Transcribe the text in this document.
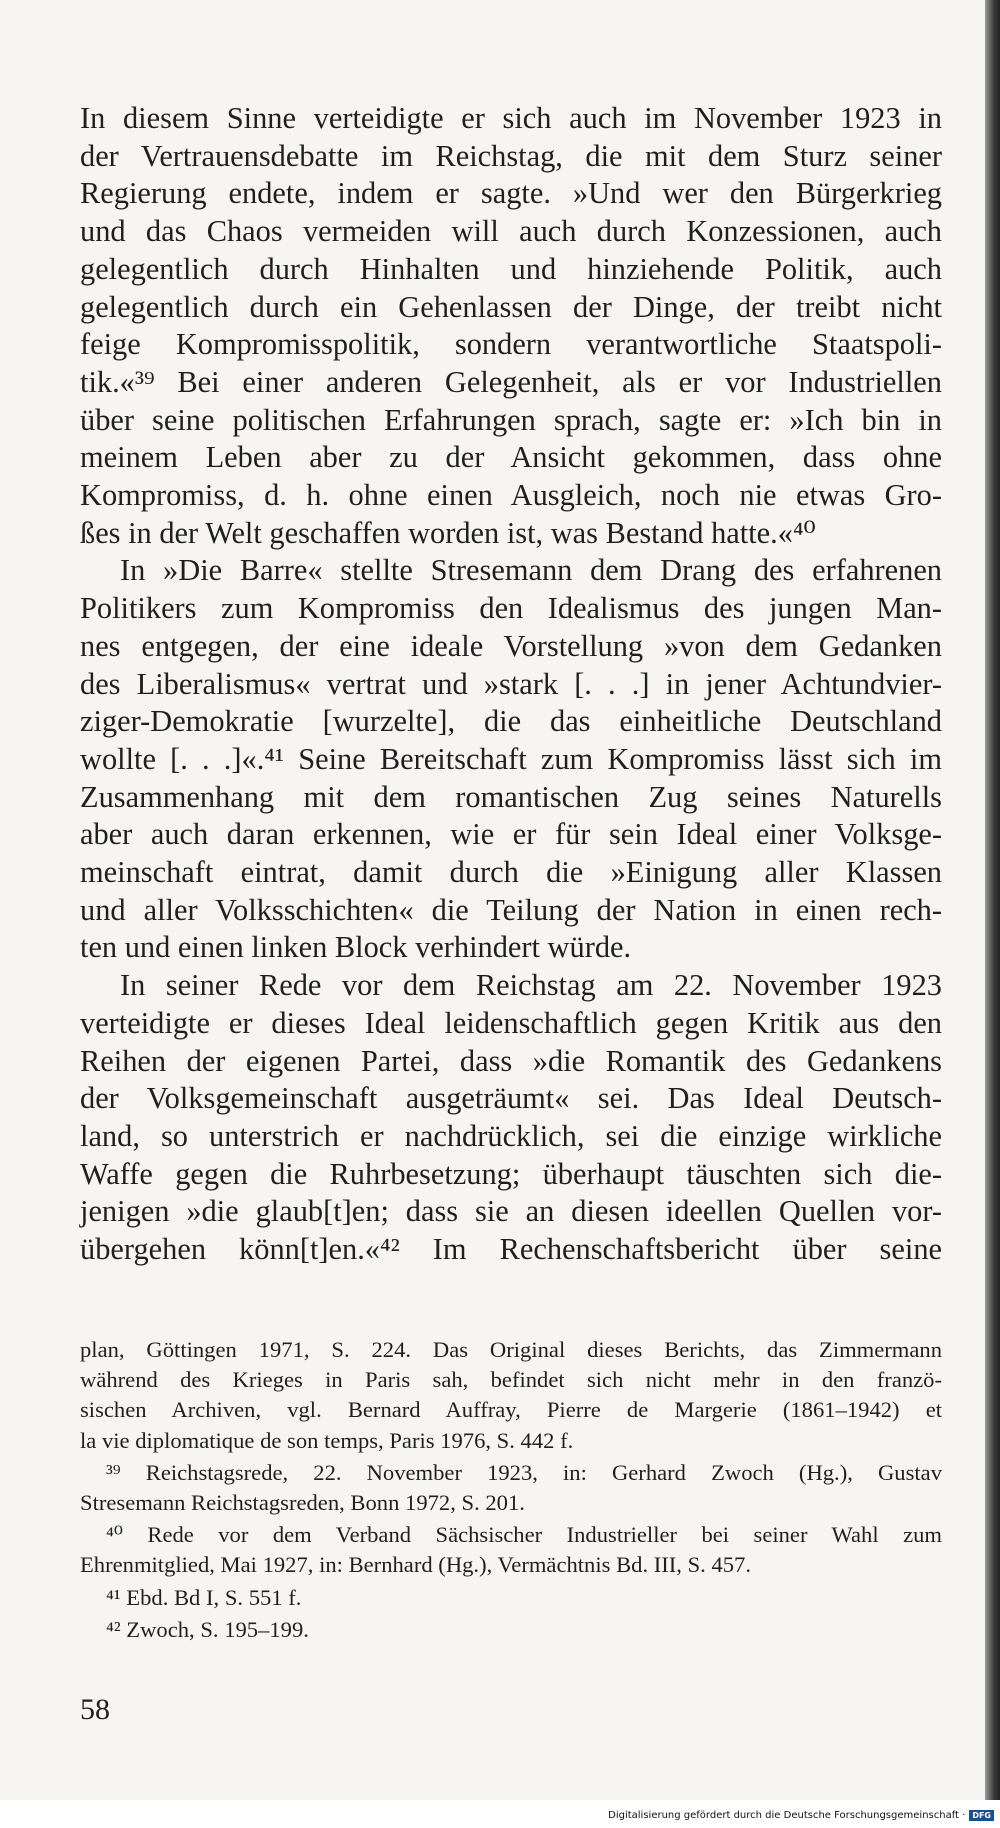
In diesem Sinne verteidigte er sich auch im November 1923 in
der Vertrauensdebatte im Reichstag, die mit dem Sturz seiner
Regierung endete, indem er sagte. »Und wer den Bürgerkrieg
und das Chaos vermeiden will auch durch Konzessionen, auch
gelegentlich durch Hinhalten und hinziehende Politik, auch
gelegentlich durch ein Gehenlassen der Dinge, der treibt nicht
feige Kompromisspolitik, sondern verantwortliche Staatspoli-
tik.«³⁹ Bei einer anderen Gelegenheit, als er vor Industriellen
über seine politischen Erfahrungen sprach, sagte er: »Ich bin in
meinem Leben aber zu der Ansicht gekommen, dass ohne
Kompromiss, d. h. ohne einen Ausgleich, noch nie etwas Gro-
ßes in der Welt geschaffen worden ist, was Bestand hatte.«⁴⁰

In »Die Barre« stellte Stresemann dem Drang des erfahrenen
Politikers zum Kompromiss den Idealismus des jungen Man-
nes entgegen, der eine ideale Vorstellung »von dem Gedanken
des Liberalismus« vertrat und »stark [. . .] in jener Achtundvier-
ziger-Demokratie [wurzelte], die das einheitliche Deutschland
wollte [. . .]«.⁴¹ Seine Bereitschaft zum Kompromiss lässt sich im
Zusammenhang mit dem romantischen Zug seines Naturells
aber auch daran erkennen, wie er für sein Ideal einer Volksge-
meinschaft eintrat, damit durch die »Einigung aller Klassen
und aller Volksschichten« die Teilung der Nation in einen rech-
ten und einen linken Block verhindert würde.

In seiner Rede vor dem Reichstag am 22. November 1923
verteidigte er dieses Ideal leidenschaftlich gegen Kritik aus den
Reihen der eigenen Partei, dass »die Romantik des Gedankens
der Volksgemeinschaft ausgeträumt« sei. Das Ideal Deutsch-
land, so unterstrich er nachdrücklich, sei die einzige wirkliche
Waffe gegen die Ruhrbesetzung; überhaupt täuschten sich die-
jenigen »die glaub[t]en; dass sie an diesen ideellen Quellen vor-
übergehen könn[t]en.«⁴² Im Rechenschaftsbericht über seine

plan, Göttingen 1971, S. 224. Das Original dieses Berichts, das Zimmermann
während des Krieges in Paris sah, befindet sich nicht mehr in den franzö-
sischen Archiven, vgl. Bernard Auffray, Pierre de Margerie (1861–1942) et
la vie diplomatique de son temps, Paris 1976, S. 442 f.
³⁹ Reichstagsrede, 22. November 1923, in: Gerhard Zwoch (Hg.), Gustav
Stresemann Reichstagsreden, Bonn 1972, S. 201.
⁴⁰ Rede vor dem Verband Sächsischer Industrieller bei seiner Wahl zum
Ehrenmitglied, Mai 1927, in: Bernhard (Hg.), Vermächtnis Bd. III, S. 457.
⁴¹ Ebd. Bd I, S. 551 f.
⁴² Zwoch, S. 195–199.
58
Digitalisierung gefördert durch die Deutsche Forschungsgemeinschaft · DFG
